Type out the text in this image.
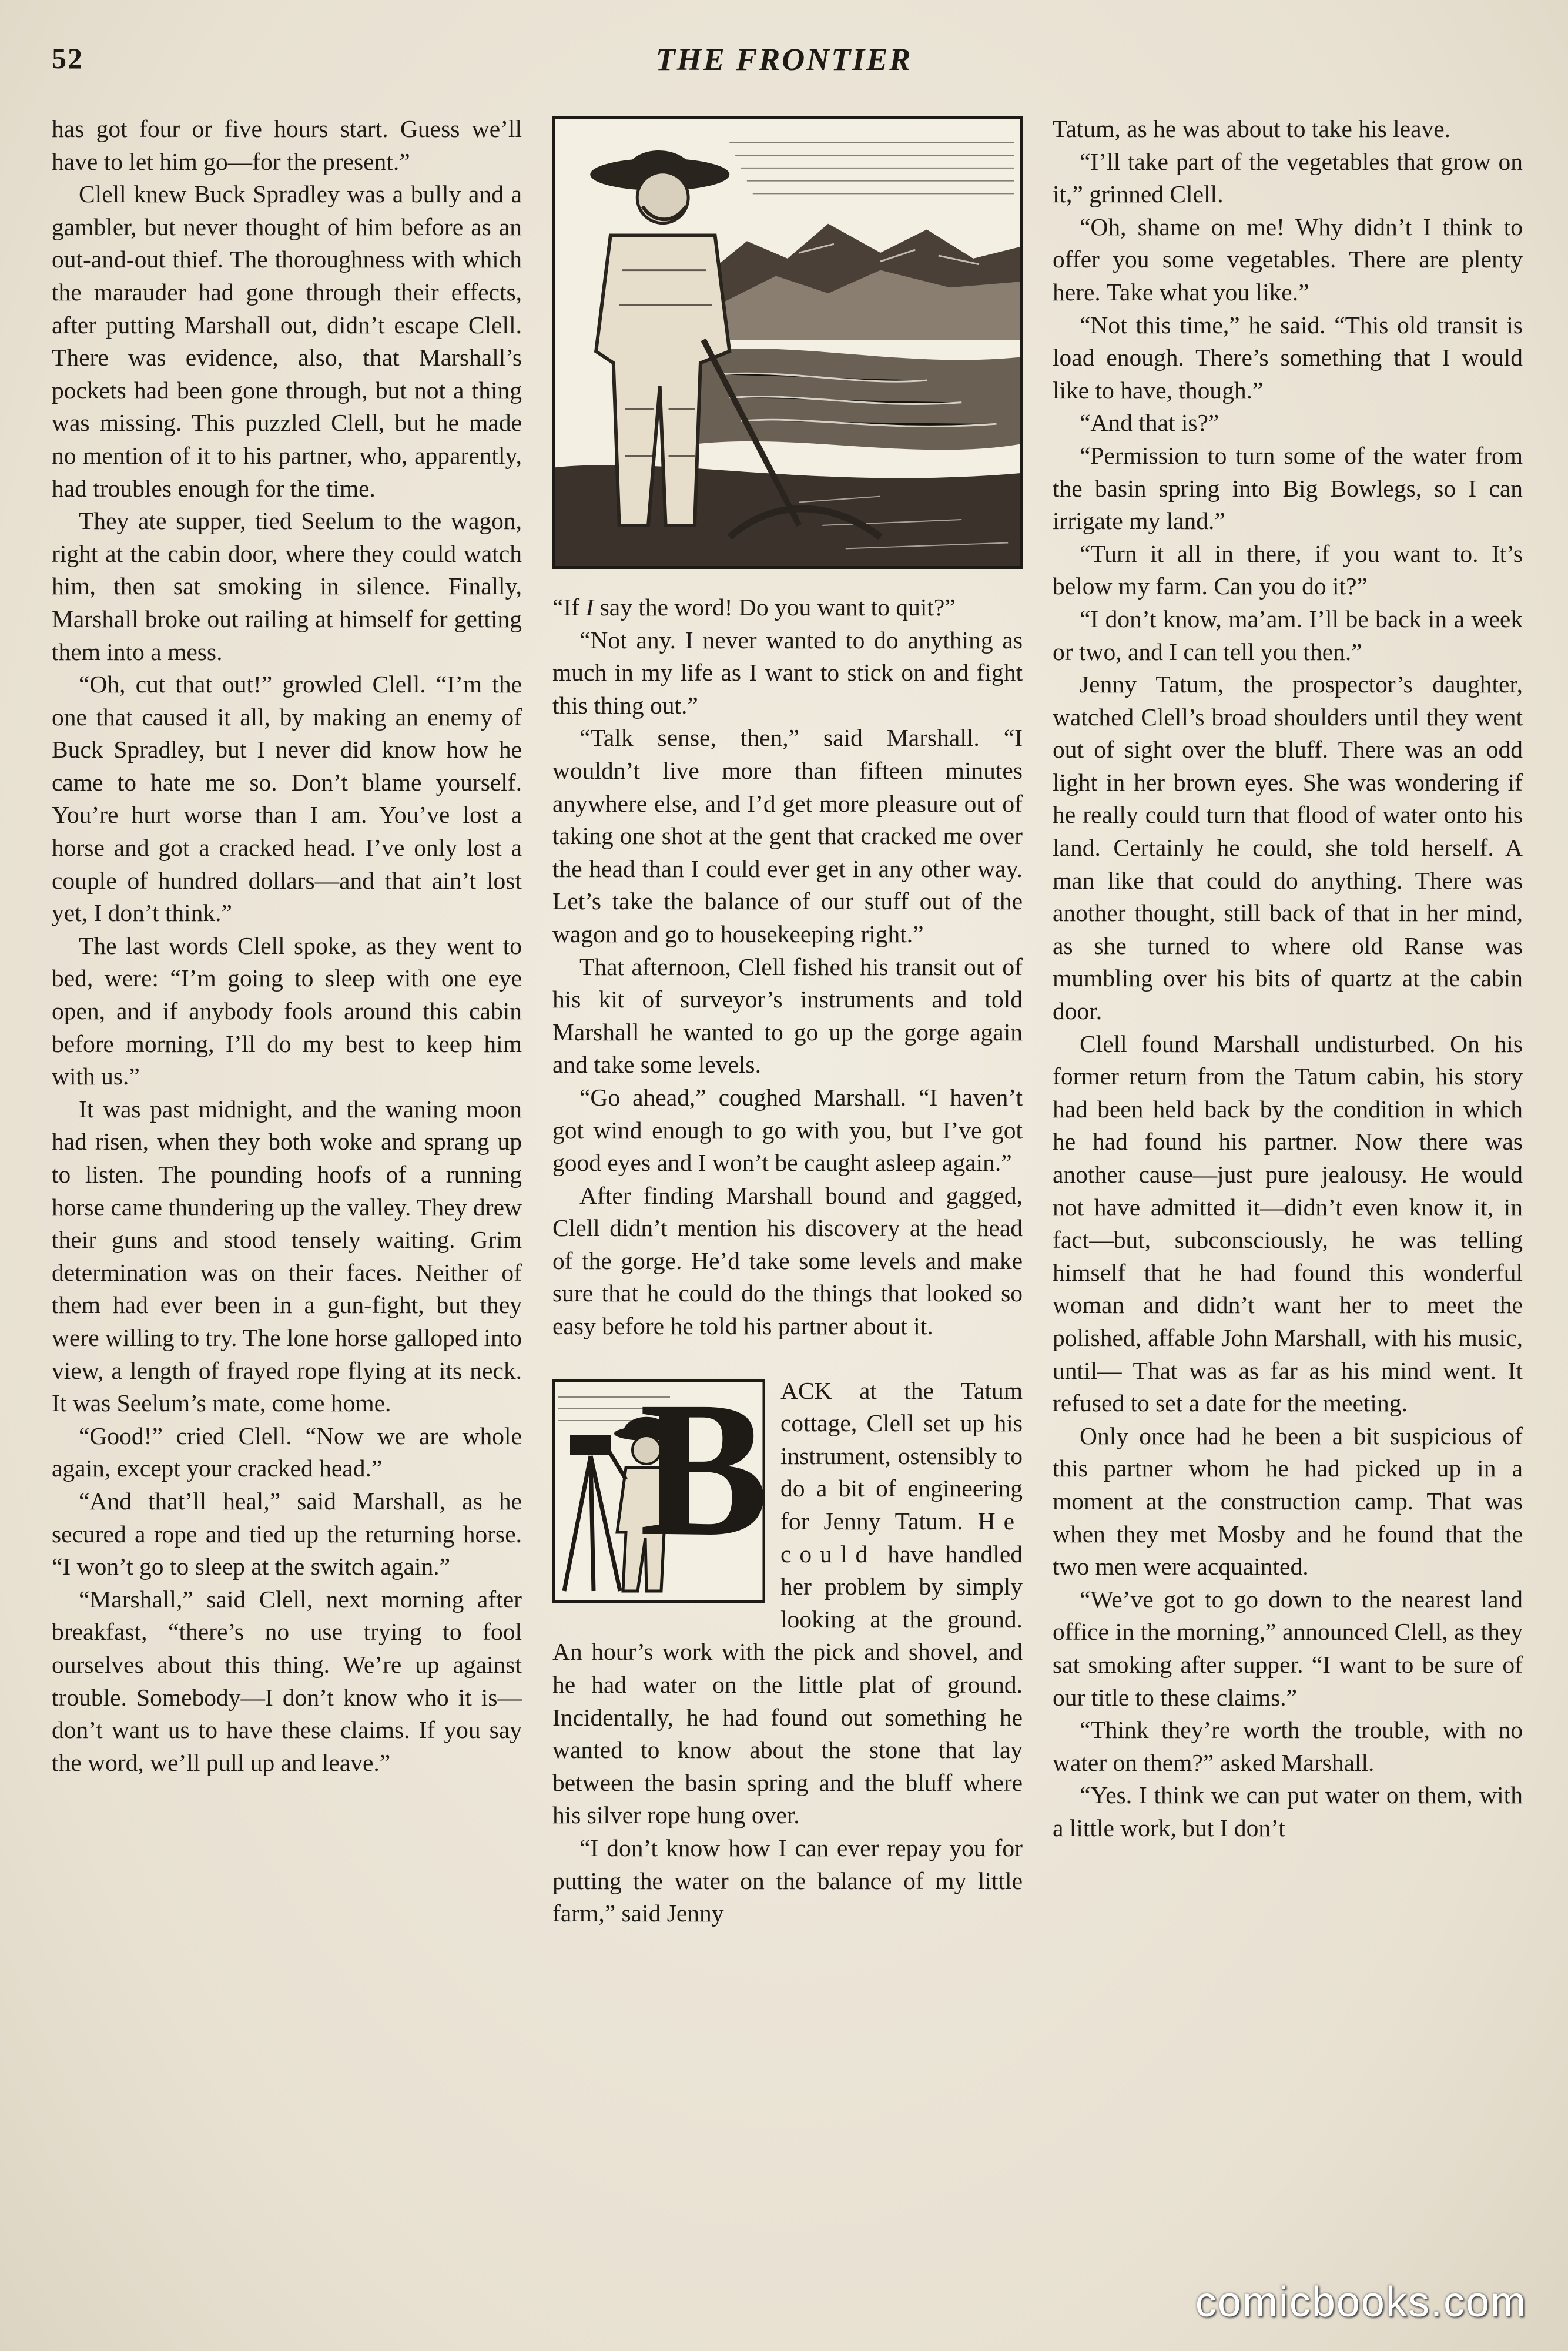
52	THE FRONTIER

has got four or five hours start. Guess we’ll have to let him go—for the present.”

Clell knew Buck Spradley was a bully and a gambler, but never thought of him before as an out-and-out thief. The thoroughness with which the marauder had gone through their effects, after putting Marshall out, didn’t escape Clell. There was evidence, also, that Marshall’s pockets had been gone through, but not a thing was missing. This puzzled Clell, but he made no mention of it to his partner, who, apparently, had troubles enough for the time.

They ate supper, tied Seelum to the wagon, right at the cabin door, where they could watch him, then sat smoking in silence. Finally, Marshall broke out railing at himself for getting them into a mess.

“Oh, cut that out!” growled Clell. “I’m the one that caused it all, by making an enemy of Buck Spradley, but I never did know how he came to hate me so. Don’t blame yourself. You’re hurt worse than I am. You’ve lost a horse and got a cracked head. I’ve only lost a couple of hundred dollars—and that ain’t lost yet, I don’t think.”

The last words Clell spoke, as they went to bed, were: “I’m going to sleep with one eye open, and if anybody fools around this cabin before morning, I’ll do my best to keep him with us.”

It was past midnight, and the waning moon had risen, when they both woke and sprang up to listen. The pounding hoofs of a running horse came thundering up the valley. They drew their guns and stood tensely waiting. Grim determination was on their faces. Neither of them had ever been in a gun-fight, but they were willing to try. The lone horse galloped into view, a length of frayed rope flying at its neck. It was Seelum’s mate, come home.

“Good!” cried Clell. “Now we are whole again, except your cracked head.”

“And that’ll heal,” said Marshall, as he secured a rope and tied up the returning horse. “I won’t go to sleep at the switch again.”

“Marshall,” said Clell, next morning after breakfast, “there’s no use trying to fool ourselves about this thing. We’re up against trouble. Somebody—I don’t know who it is—don’t want us to have these claims. If you say the word, we’ll pull up and leave.”

“If I say the word! Do you want to quit?”

“Not any. I never wanted to do anything as much in my life as I want to stick on and fight this thing out.”

“Talk sense, then,” said Marshall. “I wouldn’t live more than fifteen minutes anywhere else, and I’d get more pleasure out of taking one shot at the gent that cracked me over the head than I could ever get in any other way. Let’s take the balance of our stuff out of the wagon and go to housekeeping right.”

That afternoon, Clell fished his transit out of his kit of surveyor’s instruments and told Marshall he wanted to go up the gorge again and take some levels.

“Go ahead,” coughed Marshall. “I haven’t got wind enough to go with you, but I’ve got good eyes and I won’t be caught asleep again.”

After finding Marshall bound and gagged, Clell didn’t mention his discovery at the head of the gorge. He’d take some levels and make sure that he could do the things that looked so easy before he told his partner about it.

B ACK at the Tatum cottage, Clell set up his instrument, ostensibly to do a bit of engineering for Jenny Tatum. He could have handled her problem by simply looking at the ground. An hour’s work with the pick and shovel, and he had water on the little plat of ground. Incidentally, he had found out something he wanted to know about the stone that lay between the basin spring and the bluff where his silver rope hung over.

“I don’t know how I can ever repay you for putting the water on the balance of my little farm,” said Jenny

Tatum, as he was about to take his leave.

“I’ll take part of the vegetables that grow on it,” grinned Clell.

“Oh, shame on me! Why didn’t I think to offer you some vegetables. There are plenty here. Take what you like.”

“Not this time,” he said. “This old transit is load enough. There’s something that I would like to have, though.”

“And that is?”

“Permission to turn some of the water from the basin spring into Big Bowlegs, so I can irrigate my land.”

“Turn it all in there, if you want to. It’s below my farm. Can you do it?”

“I don’t know, ma’am. I’ll be back in a week or two, and I can tell you then.”

Jenny Tatum, the prospector’s daughter, watched Clell’s broad shoulders until they went out of sight over the bluff. There was an odd light in her brown eyes. She was wondering if he really could turn that flood of water onto his land. Certainly he could, she told herself. A man like that could do anything. There was another thought, still back of that in her mind, as she turned to where old Ranse was mumbling over his bits of quartz at the cabin door.

Clell found Marshall undisturbed. On his former return from the Tatum cabin, his story had been held back by the condition in which he had found his partner. Now there was another cause—just pure jealousy. He would not have admitted it—didn’t even know it, in fact—but, subconsciously, he was telling himself that he had found this wonderful woman and didn’t want her to meet the polished, affable John Marshall, with his music, until— That was as far as his mind went. It refused to set a date for the meeting.

Only once had he been a bit suspicious of this partner whom he had picked up in a moment at the construction camp. That was when they met Mosby and he found that the two men were acquainted.

“We’ve got to go down to the nearest land office in the morning,” announced Clell, as they sat smoking after supper. “I want to be sure of our title to these claims.”

“Think they’re worth the trouble, with no water on them?” asked Marshall.

“Yes. I think we can put water on them, with a little work, but I don’t

comicbooks.com
